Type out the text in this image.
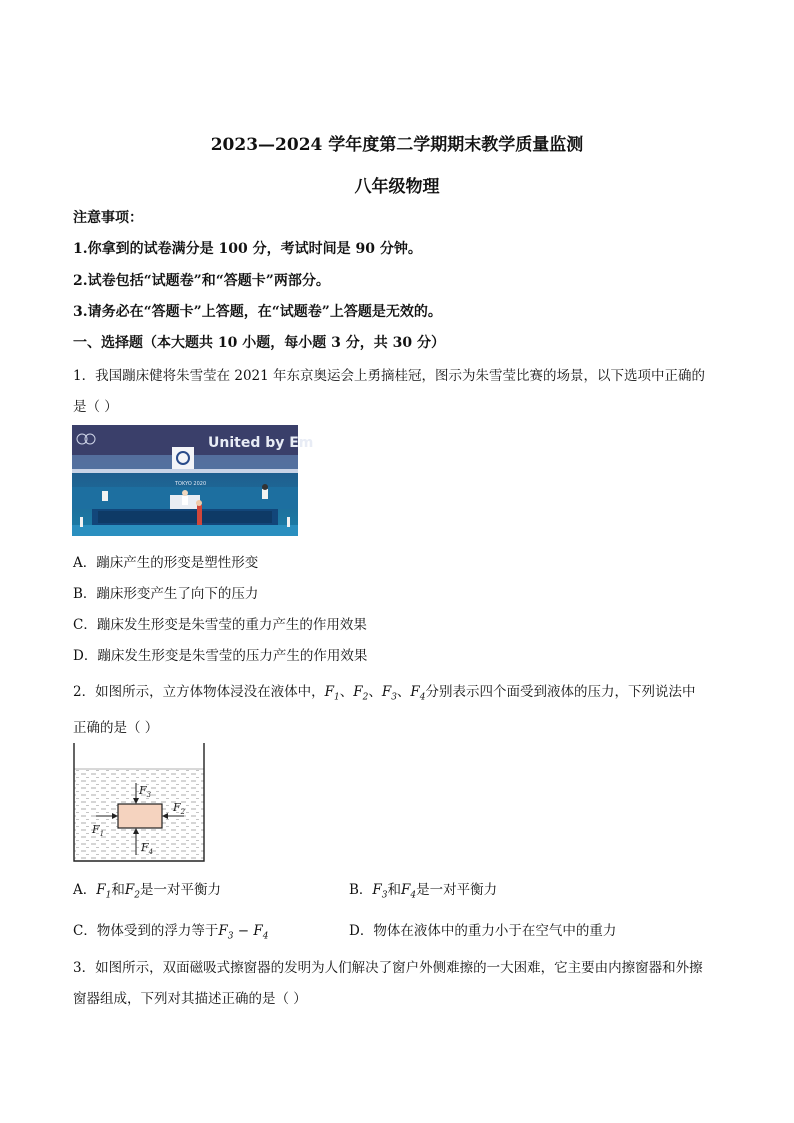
2023—2024 学年度第二学期期末教学质量监测
八年级物理
注意事项：
1.你拿到的试卷满分是 100 分，考试时间是 90 分钟。
2.试卷包括“试题卷”和“答题卡”两部分。
3.请务必在“答题卡”上答题，在“试题卷”上答题是无效的。
一、选择题（本大题共 10 小题，每小题 3 分，共 30 分）
1．我国蹦床健将朱雪莹在 2021 年东京奥运会上勇摘桂冠，图示为朱雪莹比赛的场景，以下选项中正确的
是（ ）
United by Em
TOKYO 2020
A．蹦床产生的形变是塑性形变
B．蹦床形变产生了向下的压力
C．蹦床发生形变是朱雪莹的重力产生的作用效果
D．蹦床发生形变是朱雪莹的压力产生的作用效果
2．如图所示，立方体物体浸没在液体中，$F_1$、$F_2$、$F_3$、$F_4$分别表示四个面受到液体的压力，下列说法中
正确的是（ ）
$F_3$
$F_2$
$F_1$
$F_4$
A．$F_1$和$F_2$是一对平衡力	B．$F_3$和$F_4$是一对平衡力
C．物体受到的浮力等于$F_3 - F_4$	D．物体在液体中的重力小于在空气中的重力
3．如图所示，双面磁吸式擦窗器的发明为人们解决了窗户外侧难擦的一大困难，它主要由内擦窗器和外擦
窗器组成，下列对其描述正确的是（ ）
